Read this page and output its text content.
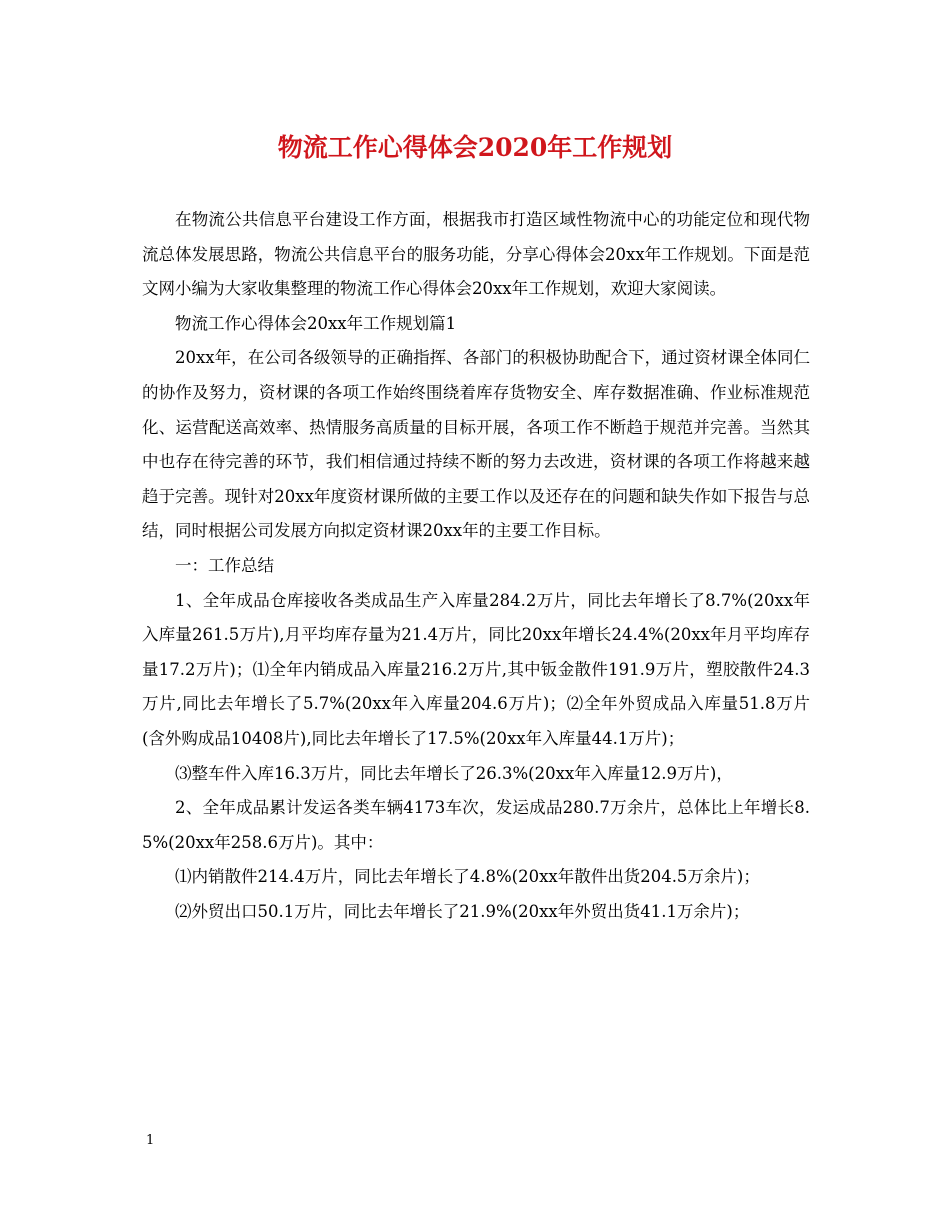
物流工作心得体会2020年工作规划

在物流公共信息平台建设工作方面，根据我市打造区域性物流中心的功能定位和现代物流总体发展思路，物流公共信息平台的服务功能，分享心得体会20xx年工作规划。下面是范文网小编为大家收集整理的物流工作心得体会20xx年工作规划，欢迎大家阅读。

物流工作心得体会20xx年工作规划篇1

20xx年，在公司各级领导的正确指挥、各部门的积极协助配合下，通过资材课全体同仁的协作及努力，资材课的各项工作始终围绕着库存货物安全、库存数据准确、作业标准规范化、运营配送高效率、热情服务高质量的目标开展，各项工作不断趋于规范并完善。当然其中也存在待完善的环节，我们相信通过持续不断的努力去改进，资材课的各项工作将越来越趋于完善。现针对20xx年度资材课所做的主要工作以及还存在的问题和缺失作如下报告与总结，同时根据公司发展方向拟定资材课20xx年的主要工作目标。

一：工作总结

1、全年成品仓库接收各类成品生产入库量284.2万片，同比去年增长了8.7%(20xx年入库量261.5万片),月平均库存量为21.4万片，同比20xx年增长24.4%(20xx年月平均库存量17.2万片)；⑴全年内销成品入库量216.2万片,其中钣金散件191.9万片，塑胶散件24.3万片,同比去年增长了5.7%(20xx年入库量204.6万片)；⑵全年外贸成品入库量51.8万片(含外购成品10408片),同比去年增长了17.5%(20xx年入库量44.1万片)；

⑶整车件入库16.3万片，同比去年增长了26.3%(20xx年入库量12.9万片)，

2、全年成品累计发运各类车辆4173车次，发运成品280.7万余片，总体比上年增长8.5%(20xx年258.6万片)。其中：

⑴内销散件214.4万片，同比去年增长了4.8%(20xx年散件出货204.5万余片)；

⑵外贸出口50.1万片，同比去年增长了21.9%(20xx年外贸出货41.1万余片)；

1
